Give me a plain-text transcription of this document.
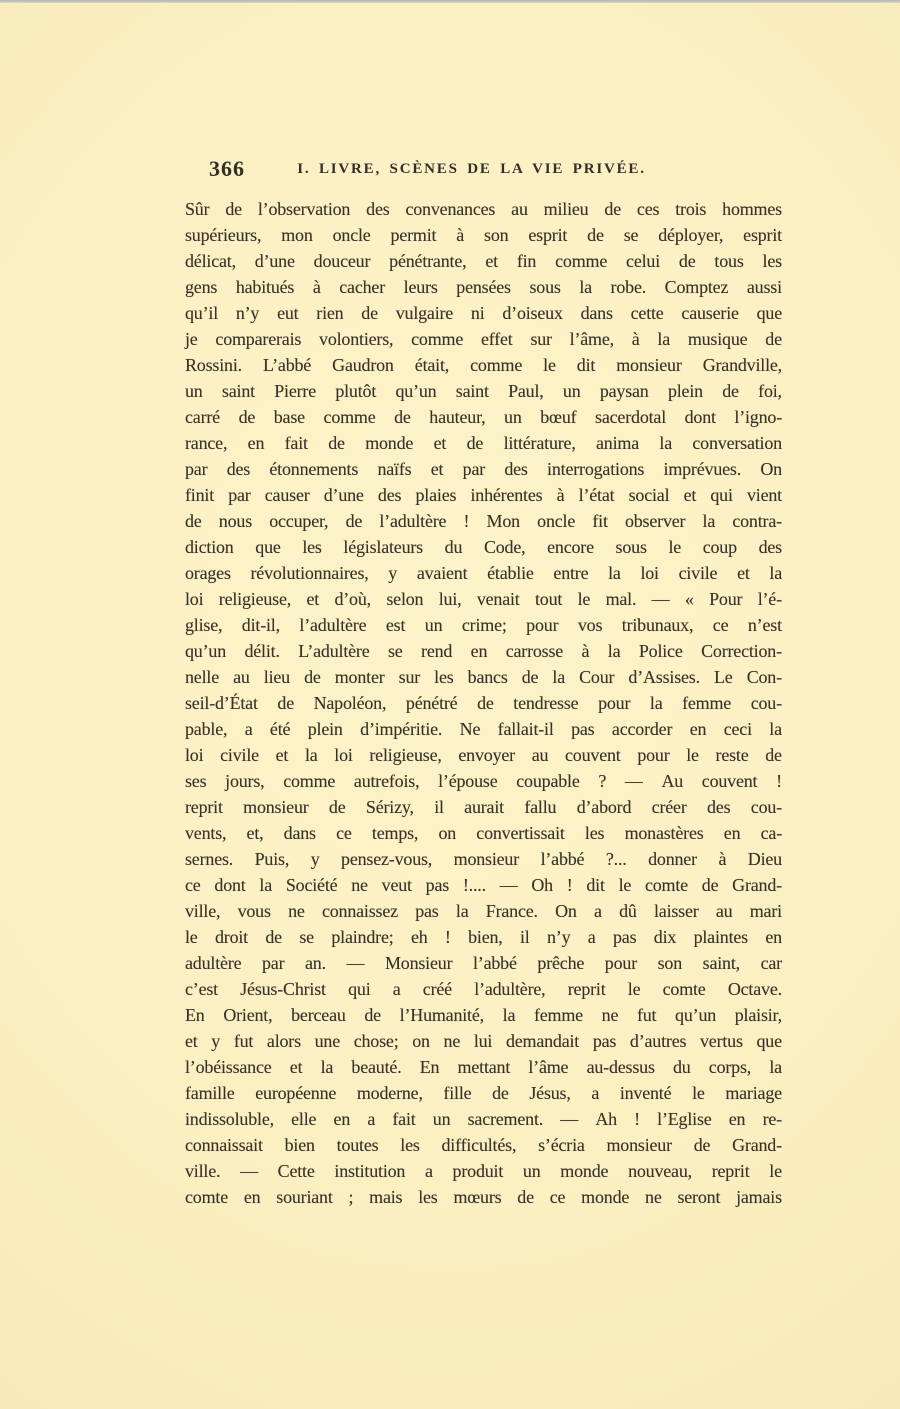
366	I. LIVRE, SCÈNES DE LA VIE PRIVÉE.
Sûr de l’observation des convenances au milieu de ces trois hommes
supérieurs, mon oncle permit à son esprit de se déployer, esprit
délicat, d’une douceur pénétrante, et fin comme celui de tous les
gens habitués à cacher leurs pensées sous la robe. Comptez aussi
qu’il n’y eut rien de vulgaire ni d’oiseux dans cette causerie que
je comparerais volontiers, comme effet sur l’âme, à la musique de
Rossini. L’abbé Gaudron était, comme le dit monsieur Grandville,
un saint Pierre plutôt qu’un saint Paul, un paysan plein de foi,
carré de base comme de hauteur, un bœuf sacerdotal dont l’igno-
rance, en fait de monde et de littérature, anima la conversation
par des étonnements naïfs et par des interrogations imprévues. On
finit par causer d’une des plaies inhérentes à l’état social et qui vient
de nous occuper, de l’adultère ! Mon oncle fit observer la contra-
diction que les législateurs du Code, encore sous le coup des
orages révolutionnaires, y avaient établie entre la loi civile et la
loi religieuse, et d’où, selon lui, venait tout le mal. — « Pour l’é-
glise, dit-il, l’adultère est un crime; pour vos tribunaux, ce n’est
qu’un délit. L’adultère se rend en carrosse à la Police Correction-
nelle au lieu de monter sur les bancs de la Cour d’Assises. Le Con-
seil-d’État de Napoléon, pénétré de tendresse pour la femme cou-
pable, a été plein d’impéritie. Ne fallait-il pas accorder en ceci la
loi civile et la loi religieuse, envoyer au couvent pour le reste de
ses jours, comme autrefois, l’épouse coupable ? — Au couvent !
reprit monsieur de Sérizy, il aurait fallu d’abord créer des cou-
vents, et, dans ce temps, on convertissait les monastères en ca-
sernes. Puis, y pensez-vous, monsieur l’abbé ?... donner à Dieu
ce dont la Société ne veut pas !.... — Oh ! dit le comte de Grand-
ville, vous ne connaissez pas la France. On a dû laisser au mari
le droit de se plaindre; eh ! bien, il n’y a pas dix plaintes en
adultère par an. — Monsieur l’abbé prêche pour son saint, car
c’est Jésus-Christ qui a créé l’adultère, reprit le comte Octave.
En Orient, berceau de l’Humanité, la femme ne fut qu’un plaisir,
et y fut alors une chose; on ne lui demandait pas d’autres vertus que
l’obéissance et la beauté. En mettant l’âme au-dessus du corps, la
famille européenne moderne, fille de Jésus, a inventé le mariage
indissoluble, elle en a fait un sacrement. — Ah ! l’Eglise en re-
connaissait bien toutes les difficultés, s’écria monsieur de Grand-
ville. — Cette institution a produit un monde nouveau, reprit le
comte en souriant ; mais les mœurs de ce monde ne seront jamais
